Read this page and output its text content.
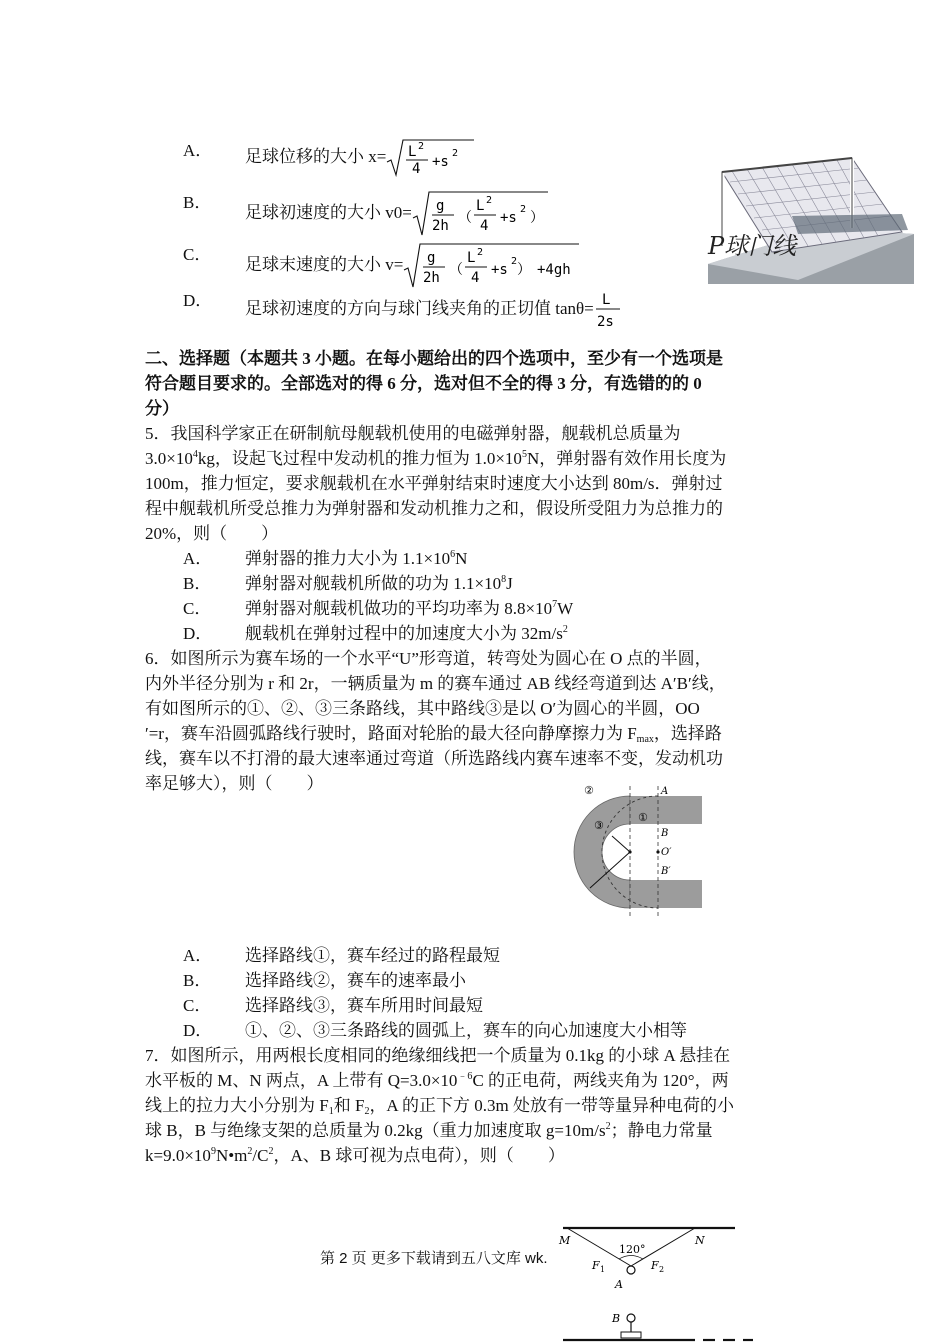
A． 足球位移的大小 x= L 2
4 +s
2
B．
足球初速度的大小 v0= g
2h （
L 2
4 +s
2
）
C．
足球末速度的大小 v= g
2h （
L 2
4 +s
2
） +4gh
D． 足球初速度的方向与球门线夹角的正切值 tanθ= L
2s
P球门线
二、选择题（本题共 3 小题。在每小题给出的四个选项中，至少有一个选项是
符合题目要求的。全部选对的得 6 分，选对但不全的得 3 分，有选错的的 0
分）
5．我国科学家正在研制航母舰载机使用的电磁弹射器，舰载机总质量为
$3.0\times 10^4kg$，设起飞过程中发动机的推力恒为 $1.0\times 10^5N$，弹射器有效作用长度为
100m，推力恒定，要求舰载机在水平弹射结束时速度大小达到 80m/s．弹射过
程中舰载机所受总推力为弹射器和发动机推力之和，假设所受阻力为总推力的
20%，则（　　）
A． 弹射器的推力大小为 $1.1\times 10^6N$
B． 弹射器对舰载机所做的功为 $1.1\times 10^8J$
C． 弹射器对舰载机做功的平均功率为 $8.8\times 10^7W$
D． 舰载机在弹射过程中的加速度大小为 $32m/s^2$
6．如图所示为赛车场的一个水平“U”形弯道，转弯处为圆心在 O 点的半圆，
内外半径分别为 r 和 2r，一辆质量为 m 的赛车通过 AB 线经弯道到达 A′B′线，
有如图所示的①、②、③三条路线，其中路线③是以 O′为圆心的半圆，OO
′=r，赛车沿圆弧路线行驶时，路面对轮胎的最大径向静摩擦力为 $F_{max}$，选择路
线，赛车以不打滑的最大速率通过弯道（所选路线内赛车速率不变，发动机功
率足够大），则（　　）	②
③
①
A
B
O′
B′
A． 选择路线①，赛车经过的路程最短
B． 选择路线②，赛车的速率最小
C． 选择路线③，赛车所用时间最短
D． ①、②、③三条路线的圆弧上，赛车的向心加速度大小相等
7．如图所示，用两根长度相同的绝缘细线把一个质量为 0.1kg 的小球 A 悬挂在
水平板的 M、N 两点，A 上带有 $Q=3.0\times 10^{﹣6}C$ 的正电荷，两线夹角为 120°，两
线上的拉力大小分别为 $F_1$和 $F_2$，A 的正下方 0.3m 处放有一带等量异种电荷的小
球 B，B 与绝缘支架的总质量为 0.2kg（重力加速度取 $g=10m/s^2$；静电力常量
$k=9.0\times 10^9N•m^2/C^2$，A、B 球可视为点电荷），则（　　）
M	N
120°
F 1	F 2
A
B
第 2 页 更多下载请到五八文库 wk.
